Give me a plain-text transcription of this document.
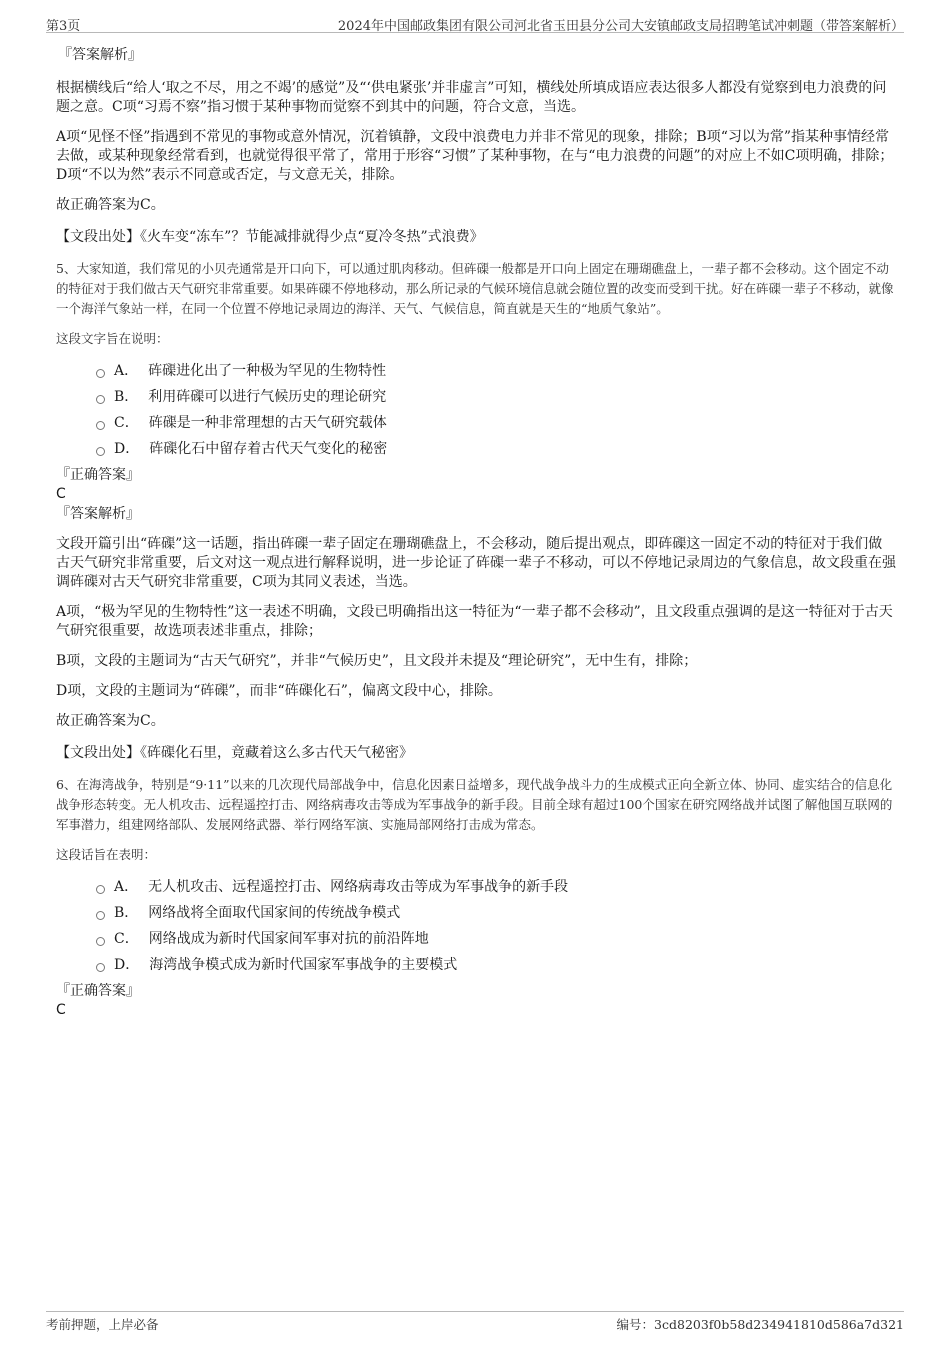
第3页	2024年中国邮政集团有限公司河北省玉田县分公司大安镇邮政支局招聘笔试冲刺题（带答案解析）
『答案解析』

根据横线后“给人‘取之不尽，用之不竭’的感觉”及“‘供电紧张’并非虚言”可知，横线处所填成语应表达很多人都没有觉察到电力浪费的问题之意。C项“习焉不察”指习惯于某种事物而觉察不到其中的问题，符合文意，当选。

A项“见怪不怪”指遇到不常见的事物或意外情况，沉着镇静，文段中浪费电力并非不常见的现象，排除；B项“习以为常”指某种事情经常去做，或某种现象经常看到，也就觉得很平常了，常用于形容“习惯”了某种事物，在与“电力浪费的问题”的对应上不如C项明确，排除；D项“不以为然”表示不同意或否定，与文意无关，排除。

故正确答案为C。

【文段出处】《火车变“冻车”？节能减排就得少点“夏冷冬热”式浪费》

5、大家知道，我们常见的小贝壳通常是开口向下，可以通过肌肉移动。但砗磲一般都是开口向上固定在珊瑚礁盘上，一辈子都不会移动。这个固定不动的特征对于我们做古天气研究非常重要。如果砗磲不停地移动，那么所记录的气候环境信息就会随位置的改变而受到干扰。好在砗磲一辈子不移动，就像一个海洋气象站一样，在同一个位置不停地记录周边的海洋、天气、气候信息，简直就是天生的“地质气象站”。

这段文字旨在说明：

A． 砗磲进化出了一种极为罕见的生物特性
B． 利用砗磲可以进行气候历史的理论研究
C． 砗磲是一种非常理想的古天气研究载体
D． 砗磲化石中留存着古代天气变化的秘密
『正确答案』
C
『答案解析』

文段开篇引出“砗磲”这一话题，指出砗磲一辈子固定在珊瑚礁盘上，不会移动，随后提出观点，即砗磲这一固定不动的特征对于我们做古天气研究非常重要，后文对这一观点进行解释说明，进一步论证了砗磲一辈子不移动，可以不停地记录周边的气象信息，故文段重在强调砗磲对古天气研究非常重要，C项为其同义表述，当选。

A项，“极为罕见的生物特性”这一表述不明确，文段已明确指出这一特征为“一辈子都不会移动”，且文段重点强调的是这一特征对于古天气研究很重要，故选项表述非重点，排除；

B项，文段的主题词为“古天气研究”，并非“气候历史”，且文段并未提及“理论研究”，无中生有，排除；

D项，文段的主题词为“砗磲”，而非“砗磲化石”，偏离文段中心，排除。

故正确答案为C。

【文段出处】《砗磲化石里，竟藏着这么多古代天气秘密》

6、在海湾战争，特别是“9·11”以来的几次现代局部战争中，信息化因素日益增多，现代战争战斗力的生成模式正向全新立体、协同、虚实结合的信息化战争形态转变。无人机攻击、远程遥控打击、网络病毒攻击等成为军事战争的新手段。目前全球有超过100个国家在研究网络战并试图了解他国互联网的军事潜力，组建网络部队、发展网络武器、举行网络军演、实施局部网络打击成为常态。

这段话旨在表明：

A． 无人机攻击、远程遥控打击、网络病毒攻击等成为军事战争的新手段
B． 网络战将全面取代国家间的传统战争模式
C． 网络战成为新时代国家间军事对抗的前沿阵地
D． 海湾战争模式成为新时代国家军事战争的主要模式
『正确答案』
C
考前押题，上岸必备	编号：3cd8203f0b58d234941810d586a7d321
